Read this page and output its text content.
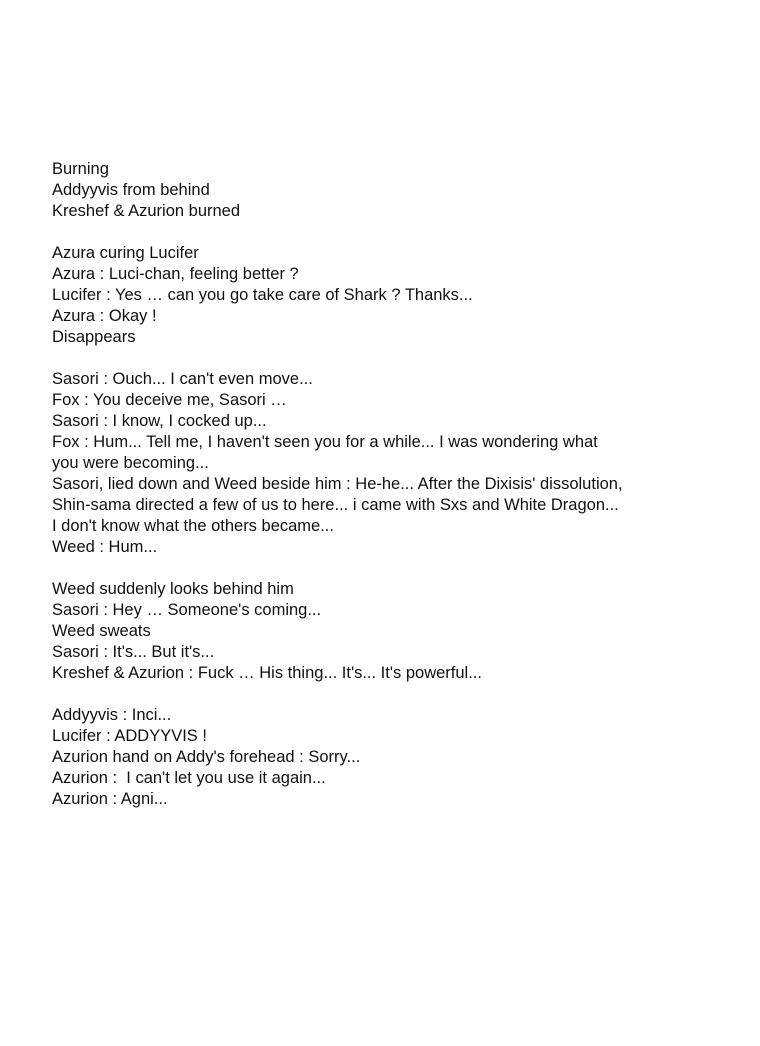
Burning
Addyyvis from behind
Kreshef & Azurion burned
Azura curing Lucifer
Azura : Luci-chan, feeling better ?
Lucifer : Yes … can you go take care of Shark ? Thanks...
Azura : Okay !
Disappears
Sasori : Ouch... I can't even move...
Fox : You deceive me, Sasori …
Sasori : I know, I cocked up...
Fox : Hum... Tell me, I haven't seen you for a while... I was wondering what
you were becoming...
Sasori, lied down and Weed beside him : He-he... After the Dixisis' dissolution,
Shin-sama directed a few of us to here... i came with Sxs and White Dragon...
I don't know what the others became...
Weed : Hum...
Weed suddenly looks behind him
Sasori : Hey … Someone's coming...
Weed sweats
Sasori : It's... But it's...
Kreshef & Azurion : Fuck … His thing... It's... It's powerful...
Addyyvis : Inci...
Lucifer : ADDYYVIS !
Azurion hand on Addy's forehead : Sorry...
Azurion :  I can't let you use it again...
Azurion : Agni...
